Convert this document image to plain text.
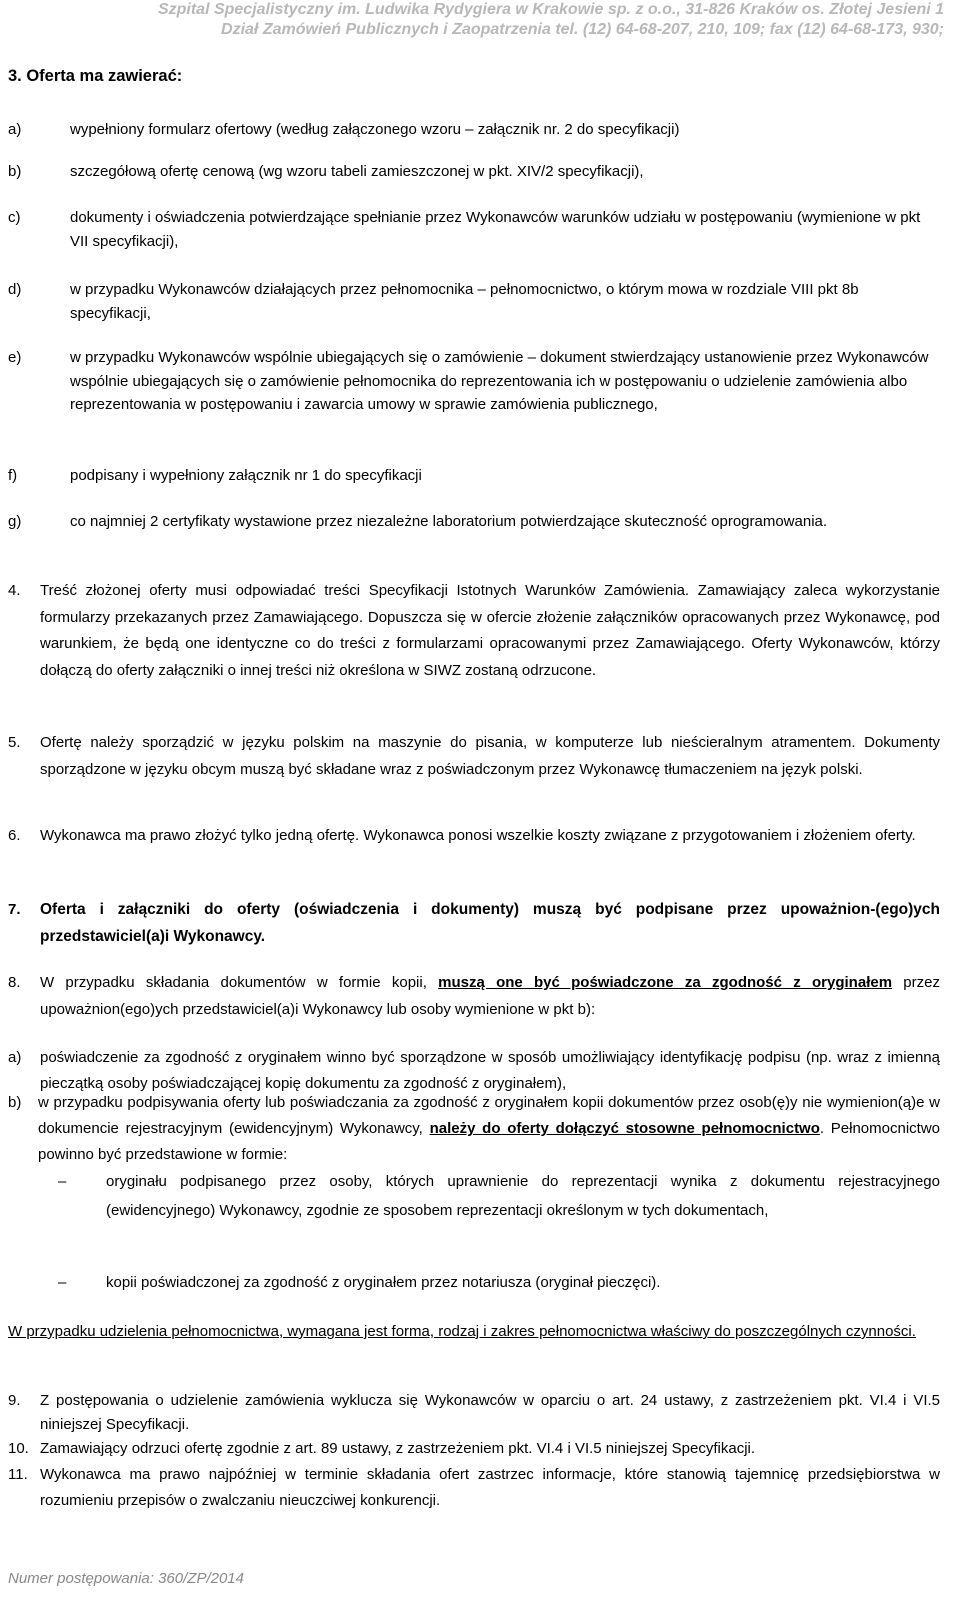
Szpital Specjalistyczny im. Ludwika Rydygiera w Krakowie sp. z o.o., 31-826 Kraków os. Złotej Jesieni 1
Dział Zamówień Publicznych i Zaopatrzenia tel. (12) 64-68-207, 210, 109; fax (12) 64-68-173, 930;
3. Oferta ma zawierać:
a)	wypełniony formularz ofertowy (według załączonego wzoru – załącznik nr. 2 do specyfikacji)
b)	szczegółową ofertę cenową (wg wzoru tabeli zamieszczonej w pkt. XIV/2 specyfikacji),
c)	dokumenty i oświadczenia potwierdzające spełnianie przez Wykonawców warunków udziału w postępowaniu (wymienione w pkt VII specyfikacji),
d)	w przypadku Wykonawców działających przez pełnomocnika – pełnomocnictwo, o którym mowa w rozdziale VIII pkt 8b specyfikacji,
e)	w przypadku Wykonawców wspólnie ubiegających się o zamówienie – dokument stwierdzający ustanowienie przez Wykonawców wspólnie ubiegających się o zamówienie pełnomocnika do reprezentowania ich w postępowaniu o udzielenie zamówienia albo reprezentowania w postępowaniu i zawarcia umowy w sprawie zamówienia publicznego,
f)	podpisany i wypełniony załącznik nr 1 do specyfikacji
g)	co najmniej 2 certyfikaty wystawione przez niezależne laboratorium potwierdzające skuteczność oprogramowania.
4. Treść złożonej oferty musi odpowiadać treści Specyfikacji Istotnych Warunków Zamówienia. Zamawiający zaleca wykorzystanie formularzy przekazanych przez Zamawiającego. Dopuszcza się w ofercie złożenie załączników opracowanych przez Wykonawcę, pod warunkiem, że będą one identyczne co do treści z formularzami opracowanymi przez Zamawiającego. Oferty Wykonawców, którzy dołączą do oferty załączniki o innej treści niż określona w SIWZ zostaną odrzucone.
5. Ofertę należy sporządzić w języku polskim na maszynie do pisania, w komputerze lub nieścieralnym atramentem. Dokumenty sporządzone w języku obcym muszą być składane wraz z poświadczonym przez Wykonawcę tłumaczeniem na język polski.
6. Wykonawca ma prawo złożyć tylko jedną ofertę. Wykonawca ponosi wszelkie koszty związane z przygotowaniem i złożeniem oferty.
7. Oferta i załączniki do oferty (oświadczenia i dokumenty) muszą być podpisane przez upoważnion-(ego)ych przedstawiciel(a)i Wykonawcy.
8. W przypadku składania dokumentów w formie kopii, muszą one być poświadczone za zgodność z oryginałem przez upoważnion(ego)ych przedstawiciel(a)i Wykonawcy lub osoby wymienione w pkt b):
a) poświadczenie za zgodność z oryginałem winno być sporządzone w sposób umożliwiający identyfikację podpisu (np. wraz z imienną pieczątką osoby poświadczającej kopię dokumentu za zgodność z oryginałem),
b) w przypadku podpisywania oferty lub poświadczania za zgodność z oryginałem kopii dokumentów przez osob(ę)y nie wymienion(ą)e w dokumencie rejestracyjnym (ewidencyjnym) Wykonawcy, należy do oferty dołączyć stosowne pełnomocnictwo. Pełnomocnictwo powinno być przedstawione w formie:
–	oryginału podpisanego przez osoby, których uprawnienie do reprezentacji wynika z dokumentu rejestracyjnego (ewidencyjnego) Wykonawcy, zgodnie ze sposobem reprezentacji określonym w tych dokumentach,
–	kopii poświadczonej za zgodność z oryginałem przez notariusza (oryginał pieczęci).
W przypadku udzielenia pełnomocnictwa, wymagana jest forma, rodzaj i zakres pełnomocnictwa właściwy do poszczególnych czynności.
9. Z postępowania o udzielenie zamówienia wyklucza się Wykonawców w oparciu o art. 24 ustawy, z zastrzeżeniem pkt. VI.4 i VI.5 niniejszej Specyfikacji.
10. Zamawiający odrzuci ofertę zgodnie z art. 89 ustawy, z zastrzeżeniem pkt. VI.4 i VI.5 niniejszej Specyfikacji.
11. Wykonawca ma prawo najpóźniej w terminie składania ofert zastrzec informacje, które stanowią tajemnicę przedsiębiorstwa w rozumieniu przepisów o zwalczaniu nieuczciwej konkurencji.
Numer postępowania: 360/ZP/2014
